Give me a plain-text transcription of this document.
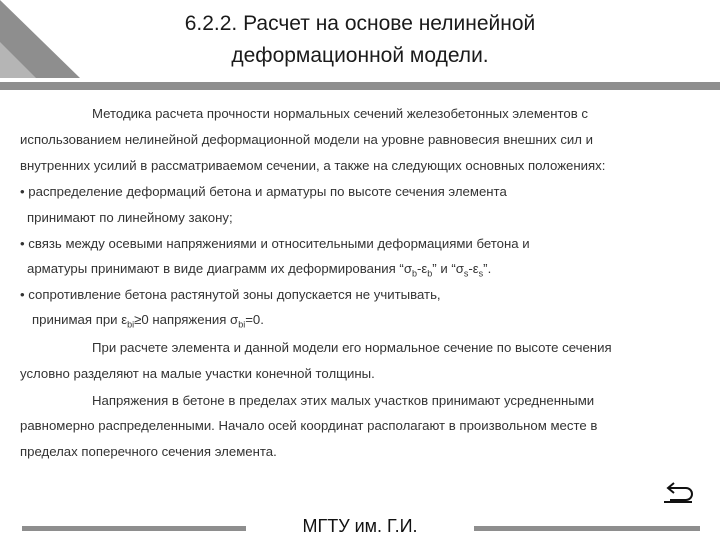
6.2.2. Расчет на основе нелинейной
деформационной модели.
Методика расчета прочности нормальных сечений железобетонных элементов с
использованием нелинейной деформационной модели на уровне равновесия внешних сил и
внутренних усилий в рассматриваемом сечении, а также на следующих основных положениях:
• распределение деформаций бетона и арматуры по высоте сечения элемента
принимают по линейному закону;
• связь между осевыми напряжениями и относительными деформациями бетона и
арматуры принимают в виде диаграмм их деформирования “$\sigma_b-\varepsilon_b$” и “$\sigma_s-\varepsilon_s$”.
• сопротивление бетона растянутой зоны допускается не учитывать,
принимая при $\varepsilon_{bi}\ge 0$ напряжения $\sigma_{bi}=0$.
При расчете элемента и данной модели его нормальное сечение по высоте сечения
условно разделяют на малые участки конечной толщины.
Напряжения в бетоне в пределах этих малых участков принимают усредненными
равномерно распределенными. Начало осей координат располагают в произвольном месте в
пределах поперечного сечения элемента.
МГТУ им. Г.И.
